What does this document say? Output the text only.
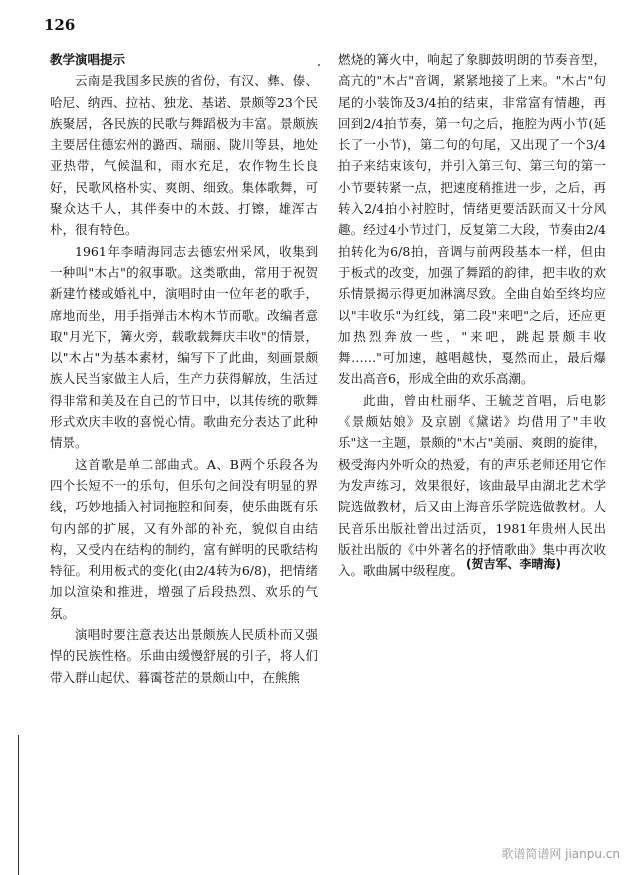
126
教学演唱提示

云南是我国多民族的省份，有汉、彝、傣、哈尼、纳西、拉祜、独龙、基诺、景颇等23个民族聚居，各民族的民歌与舞蹈极为丰富。景颇族主要居住德宏州的潞西、瑞丽、陇川等县，地处亚热带，气候温和，雨水充足，农作物生长良好，民歌风格朴实、爽朗、细致。集体歌舞，可聚众达千人，其伴奏中的木鼓、打镲，雄浑古朴，很有特色。

1961年李晴海同志去德宏州采风，收集到一种叫"木占"的叙事歌。这类歌曲，常用于祝贺新建竹楼或婚礼中，演唱时由一位年老的歌手，席地而坐，用手指弹击木构木节而歌。改编者意取"月光下，篝火旁，载歌载舞庆丰收"的情景，以"木占"为基本素材，编写下了此曲，刻画景颇族人民当家做主人后，生产力获得解放，生活过得非常和美及在自己的节日中，以其传统的歌舞形式欢庆丰收的喜悦心情。歌曲充分表达了此种情景。

这首歌是单二部曲式。A、B两个乐段各为四个长短不一的乐句，但乐句之间没有明显的界线，巧妙地插入衬词拖腔和间奏，使乐曲既有乐句内部的扩展，又有外部的补充，貌似自由结构，又受内在结构的制约，富有鲜明的民歌结构特征。利用板式的变化(由2/4转为6/8)，把情绪加以渲染和推进，增强了后段热烈、欢乐的气氛。

演唱时要注意表达出景颇族人民质朴而又强悍的民族性格。乐曲由缓慢舒展的引子，将人们带入群山起伏、暮霭苍茫的景颇山中，在熊熊

燃烧的篝火中，响起了象脚鼓明朗的节奏音型，高亢的"木占"音调，紧紧地接了上来。"木占"句尾的小装饰及3/4拍的结束，非常富有情趣，再回到2/4拍节奏，第一句之后，拖腔为两小节(延长了一小节)，第二句的句尾，又出现了一个3/4拍子来结束该句，并引入第三句、第三句的第一小节要转紧一点，把速度稍推进一步，之后，再转入2/4拍小衬腔时，情绪更要活跃而又十分风趣。经过4小节过门，反复第二大段，节奏由2/4拍转化为6/8拍，音调与前两段基本一样，但由于板式的改变，加强了舞蹈的韵律，把丰收的欢乐情景揭示得更加淋漓尽致。全曲自始至终均应以"丰收乐"为红线，第二段"来吧"之后，还应更加热烈奔放一些，"来吧，跳起景颇丰收舞……"可加速，越唱越快，戛然而止，最后爆发出高音6，形成全曲的欢乐高潮。

此曲，曾由杜丽华、王毓芝首唱，后电影《景颇姑娘》及京剧《黛诺》均借用了"丰收乐"这一主题，景颇的"木占"美丽、爽朗的旋律，极受海内外听众的热爱，有的声乐老师还用它作为发声练习，效果很好，该曲最早由湖北艺术学院选做教材，后又由上海音乐学院选做教材。人民音乐出版社曾出过活页，1981年贵州人民出版社出版的《中外著名的抒情歌曲》集中再次收入。歌曲属中级程度。 (贺吉军、李晴海)
歌谱简谱网 jianpu.cn
